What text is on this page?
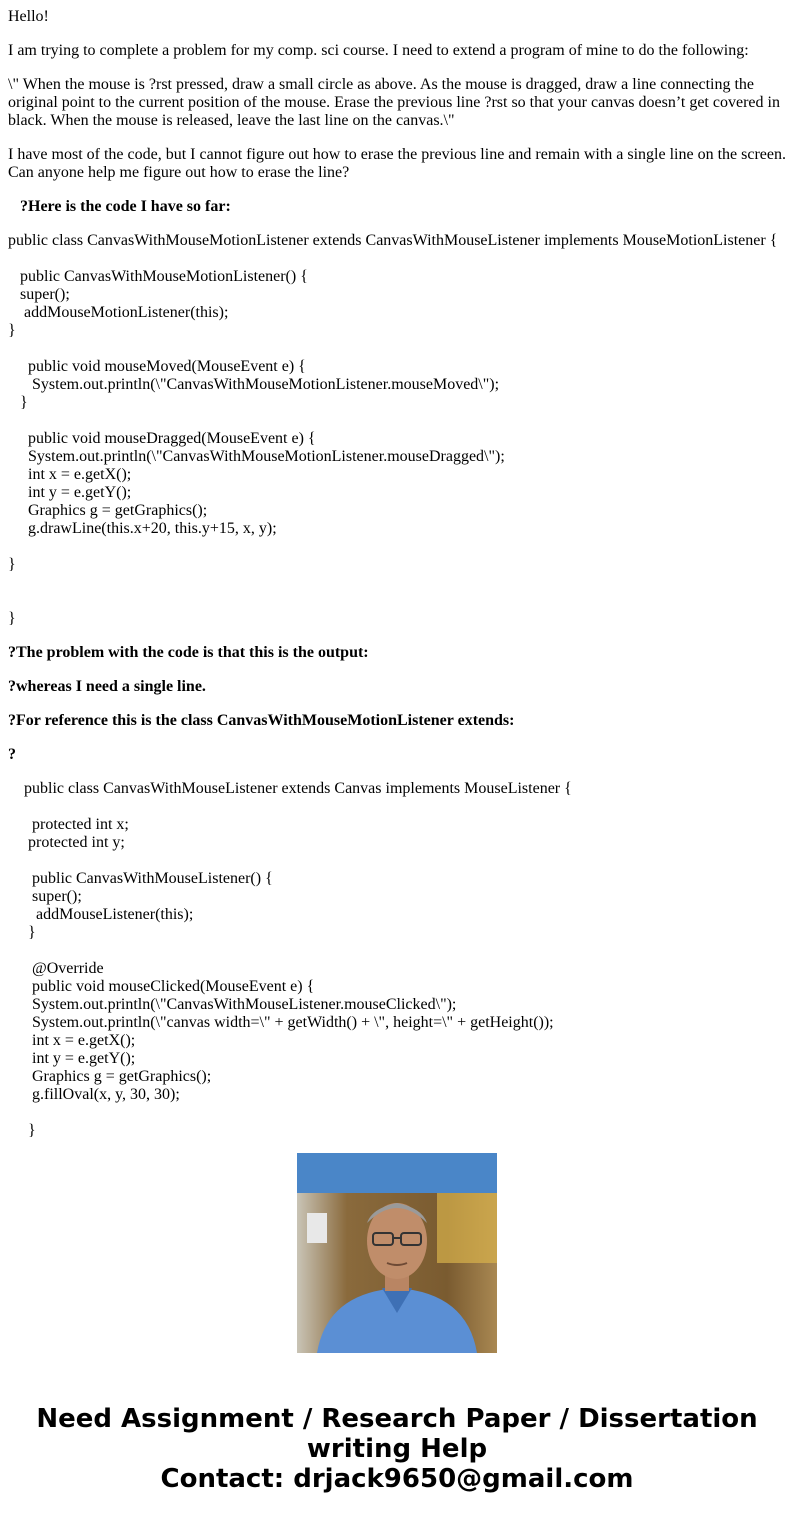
Hello!

I am trying to complete a problem for my comp. sci course. I need to extend a program of mine to do the following:

\" When the mouse is ?rst pressed, draw a small circle as above. As the mouse is dragged, draw a line connecting the original point to the current position of the mouse. Erase the previous line ?rst so that your canvas doesn’t get covered in black. When the mouse is released, leave the last line on the canvas.\"

I have most of the code, but I cannot figure out how to erase the previous line and remain with a single line on the screen. Can anyone help me figure out how to erase the line?

?Here is the code I have so far:

public class CanvasWithMouseMotionListener extends CanvasWithMouseListener implements MouseMotionListener {
public CanvasWithMouseMotionListener() {
super();
addMouseMotionListener(this);
}
public void mouseMoved(MouseEvent e) {
System.out.println(\"CanvasWithMouseMotionListener.mouseMoved\");
}
public void mouseDragged(MouseEvent e) {
System.out.println(\"CanvasWithMouseMotionListener.mouseDragged\");
int x = e.getX();
int y = e.getY();
Graphics g = getGraphics();
g.drawLine(this.x+20, this.y+15, x, y);
}
}

?The problem with the code is that this is the output:

?whereas I need a single line.

?For reference this is the class CanvasWithMouseMotionListener extends:

?

public class CanvasWithMouseListener extends Canvas implements MouseListener {
protected int x;
protected int y;
public CanvasWithMouseListener() {
super();
addMouseListener(this);
}
@Override
public void mouseClicked(MouseEvent e) {
System.out.println(\"CanvasWithMouseListener.mouseClicked\");
System.out.println(\"canvas width=\" + getWidth() + \", height=\" + getHeight());
int x = e.getX();
int y = e.getY();
Graphics g = getGraphics();
g.fillOval(x, y, 30, 30);
}

Need Assignment / Research Paper / Dissertation
writing Help
Contact: drjack9650@gmail.com
